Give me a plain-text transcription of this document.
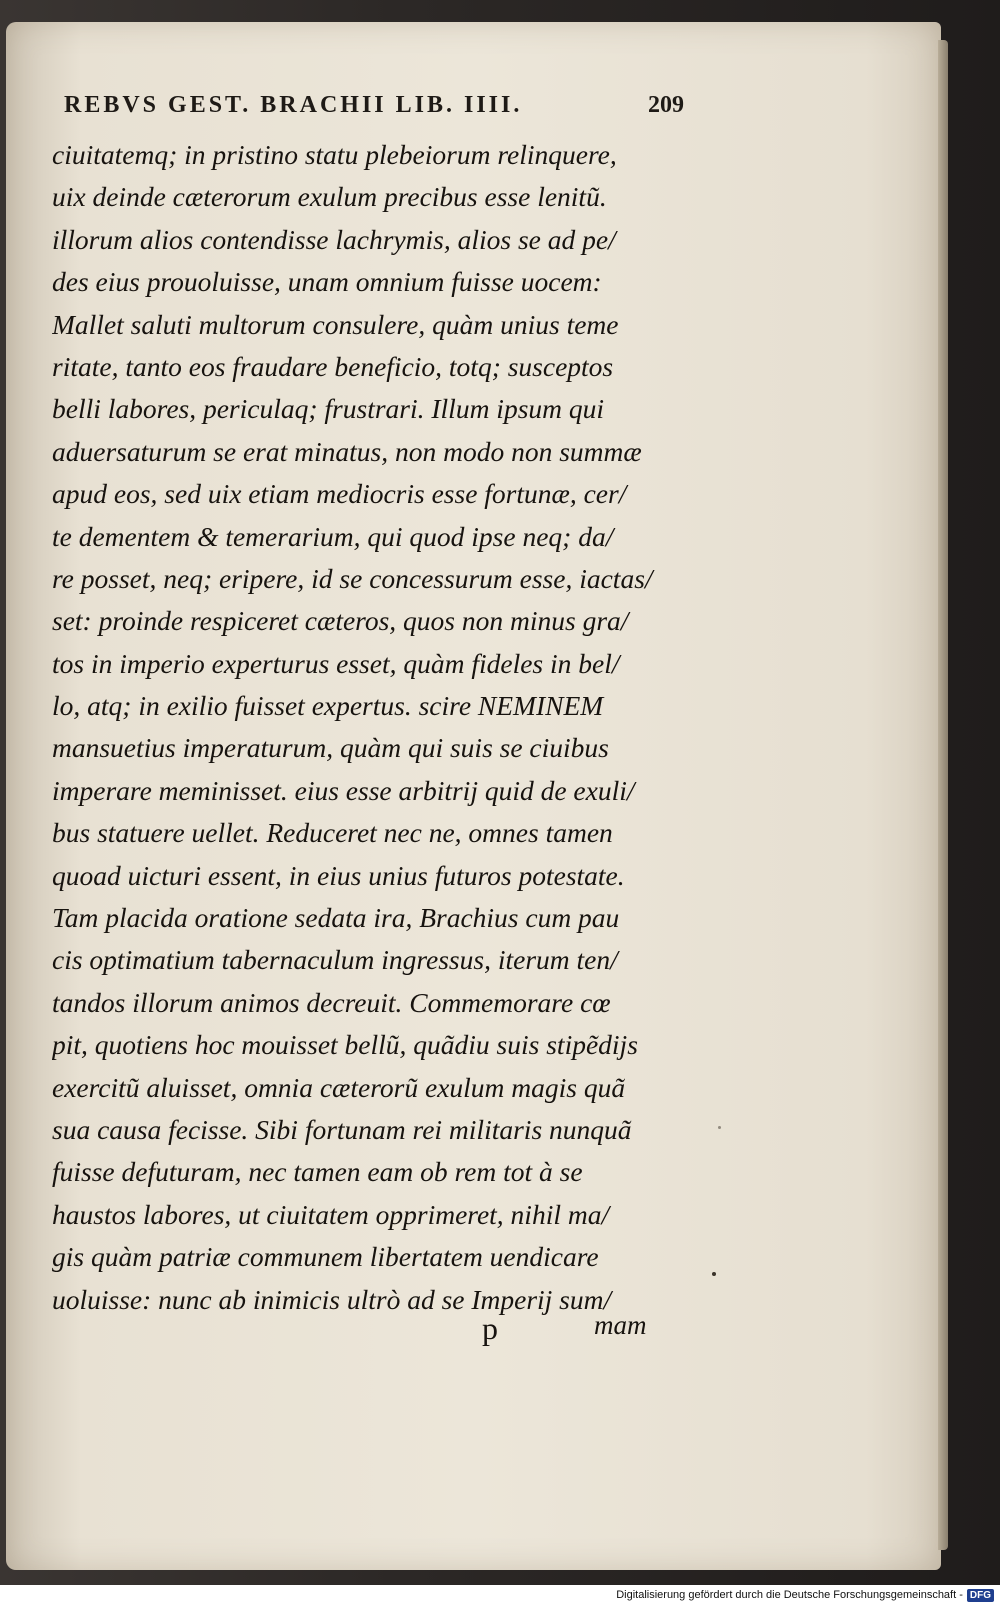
REBVS GEST. BRACHII LIB. IIII.	209
ciuitatemq; in pristino statu plebeiorum relinquere,
uix deinde cæterorum exulum precibus esse lenitũ.
illorum alios contendisse lachrymis, alios se ad pe/
des eius prouoluisse, unam omnium fuisse uocem:
Mallet saluti multorum consulere, quàm unius teme
ritate, tanto eos fraudare beneficio, totq; susceptos
belli labores, periculaq; frustrari. Illum ipsum qui
aduersaturum se erat minatus, non modo non summæ
apud eos, sed uix etiam mediocris esse fortunæ, cer/
te dementem & temerarium, qui quod ipse neq; da/
re posset, neq; eripere, id se concessurum esse, iactas/
set: proinde respiceret cæteros, quos non minus gra/
tos in imperio experturus esset, quàm fideles in bel/
lo, atq; in exilio fuisset expertus. scire NEMINEM
mansuetius imperaturum, quàm qui suis se ciuibus
imperare meminisset. eius esse arbitrij quid de exuli/
bus statuere uellet. Reduceret nec ne, omnes tamen
quoad uicturi essent, in eius unius futuros potestate.
Tam placida oratione sedata ira, Brachius cum pau
cis optimatium tabernaculum ingressus, iterum ten/
tandos illorum animos decreuit. Commemorare cœ
pit, quotiens hoc mouisset bellũ, quãdiu suis stipẽdijs
exercitũ aluisset, omnia cæterorũ exulum magis quã
sua causa fecisse. Sibi fortunam rei militaris nunquã
fuisse defuturam, nec tamen eam ob rem tot à se
haustos labores, ut ciuitatem opprimeret, nihil ma/
gis quàm patriæ communem libertatem uendicare
uoluisse: nunc ab inimicis ultrò ad se Imperij sum/
p	mam
Digitalisierung gefördert durch die Deutsche Forschungsgemeinschaft - DFG
